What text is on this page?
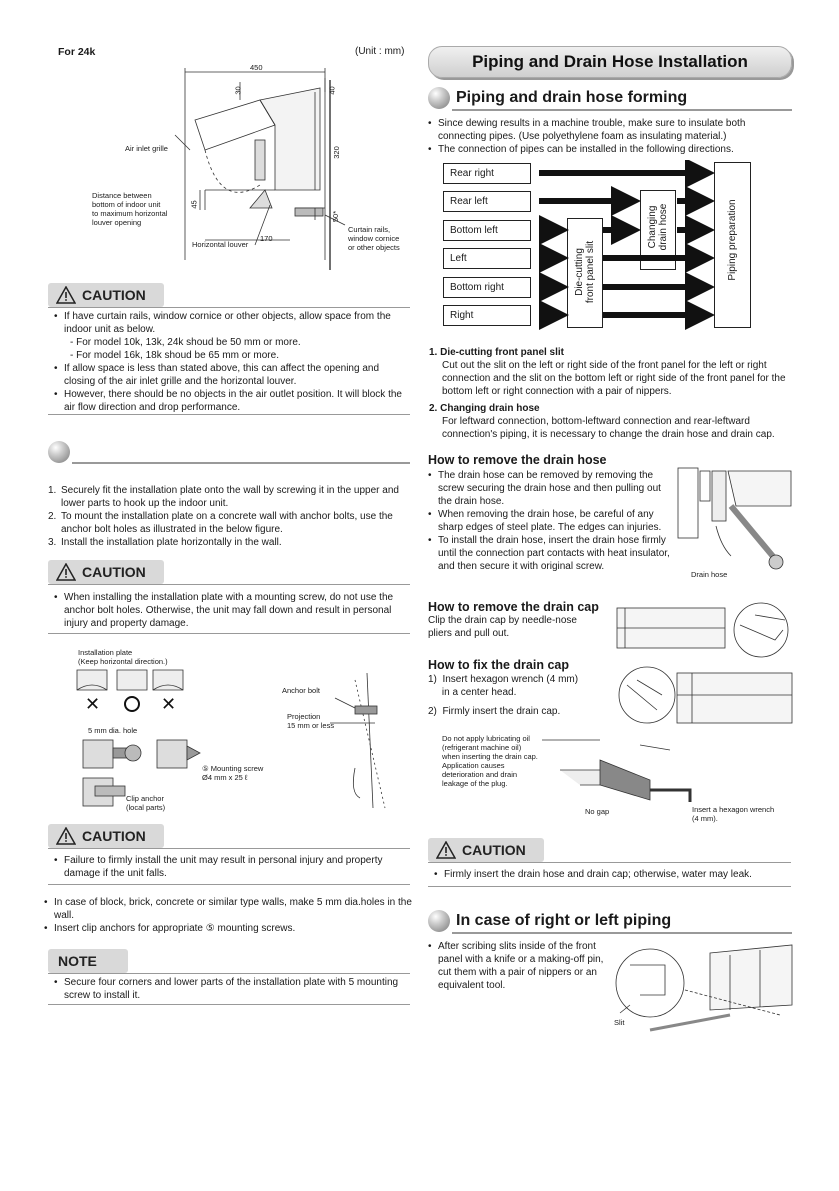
For 24k	(Unit : mm)
450
30	40
320
45
50*
170
Air inlet grille
Distance between
bottom of indoor unit
to maximum horizontal
louver opening
Horizontal louver
Curtain rails,
window cornice
or other objects
CAUTION
• If have curtain rails, window cornice or other objects, allow space from the indoor unit as below.
- For model 10k, 13k, 24k shoud be 50 mm or more.
- For model 16k, 18k shoud be 65 mm or more.
• If allow space is less than stated above, this can affect the opening and closing of the air inlet grille and the horizontal louver.
• However, there should be no objects in the air outlet position. It will block the air flow direction and drop performance.
1. Securely fit the installation plate onto the wall by screwing it in the upper and lower parts to hook up the indoor unit.
2. To mount the installation plate on a concrete wall with anchor bolts, use the anchor bolt holes as illustrated in the below figure.
3. Install the installation plate horizontally in the wall.
CAUTION
• When installing the installation plate with a mounting screw, do not use the anchor bolt holes. Otherwise, the unit may fall down and result in personal injury and property damage.
Installation plate
(Keep horizontal direction.)
✕	✕
5 mm dia. hole
Anchor bolt
Projection
15 mm or less
⑤ Mounting screw
Ø4 mm x 25 ℓ
Clip anchor
(local parts)
CAUTION
• Failure to firmly install the unit may result in personal injury and property damage if the unit falls.
• In case of block, brick, concrete or similar type walls, make 5 mm dia.holes in the wall.
• Insert clip anchors for appropriate ⑤ mounting screws.
NOTE
• Secure four corners and lower parts of the installation plate with 5 mounting screw to install it.
Piping and Drain Hose Installation
Piping and drain hose forming
• Since dewing results in a machine trouble, make sure to insulate both connecting pipes. (Use polyethylene foam as insulating material.)
• The connection of pipes can be installed in the following directions.
Rear right
Rear left
Bottom left
Left
Bottom right
Right
Die-cutting
front panel slit	Changing
drain hose	Piping preparation
1. Die-cutting front panel slit
Cut out the slit on the left or right side of the front panel for the left or right connection and the slit on the bottom left or right side of the front panel for the bottom left or right connection with a pair of nippers.
2. Changing drain hose
For leftward connection, bottom-leftward connection and rear-leftward connection's piping, it is necessary to change the drain hose and drain cap.
How to remove the drain hose
• The drain hose can be removed by removing the screw securing the drain hose and then pulling out the drain hose.
• When removing the drain hose, be careful of any sharp edges of steel plate. The edges can injuries.
• To install the drain hose, insert the drain hose firmly until the connection part contacts with heat insulator, and then secure it with original screw.
Drain hose
How to remove the drain cap
Clip the drain cap by needle-nose
pliers and pull out.
How to fix the drain cap
1)  Insert hexagon wrench (4 mm)
in a center head.
2)  Firmly insert the drain cap.
Do not apply lubricating oil
(refrigerant machine oil)
when inserting the drain cap.
Application causes
deterioration and drain
leakage of the plug.
No gap	Insert a hexagon wrench
(4 mm).
CAUTION
• Firmly insert the drain hose and drain cap; otherwise, water may leak.
In case of right or left piping
• After scribing slits inside of the front panel with a knife or a making-off pin, cut them with a pair of nippers or an equivalent tool.
Slit
